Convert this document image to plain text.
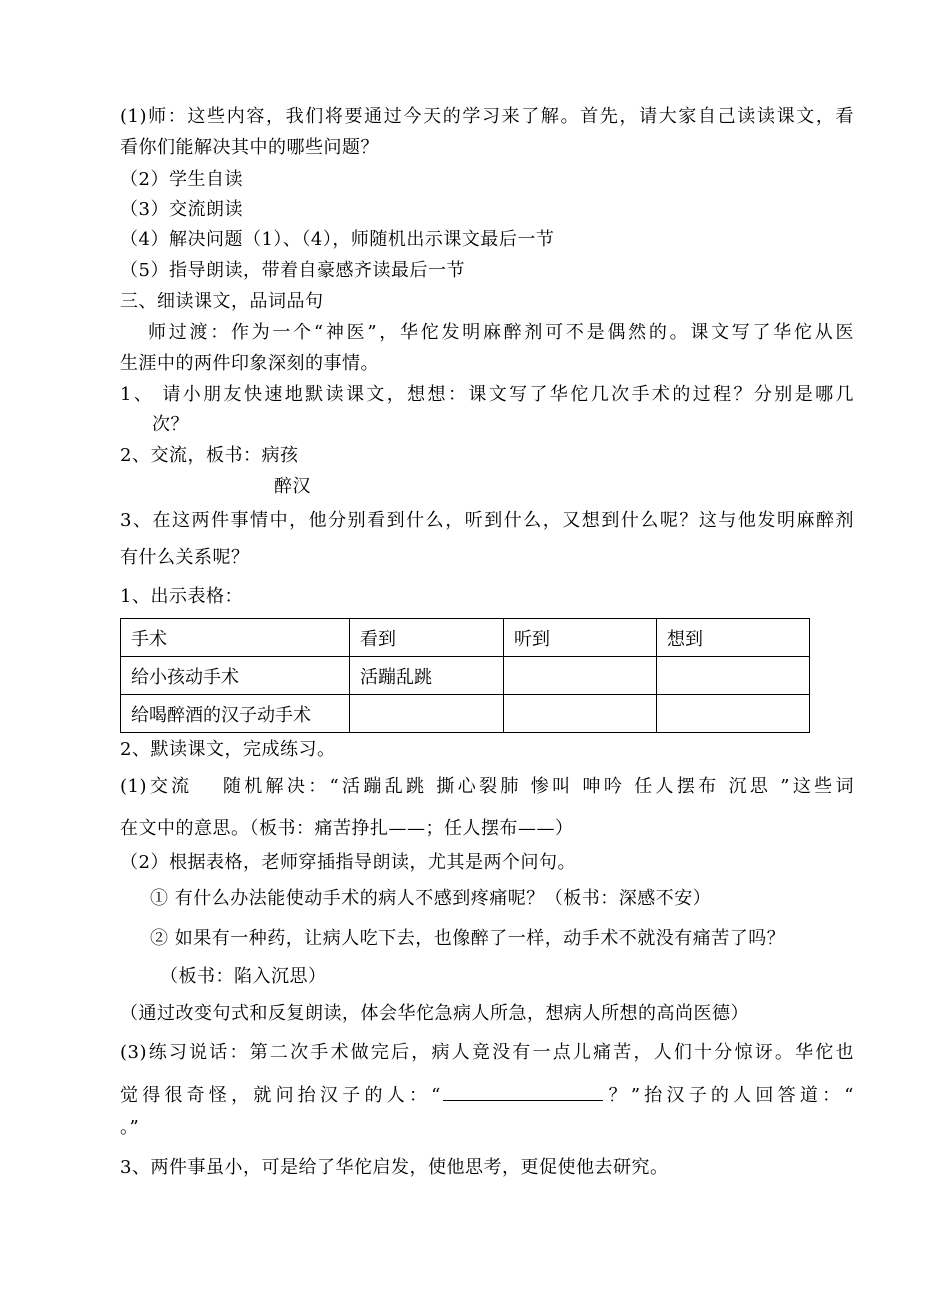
(1)师：这些内容，我们将要通过今天的学习来了解。首先，请大家自己读读课文，看
看你们能解决其中的哪些问题？
（2）学生自读
（3）交流朗读
（4）解决问题（1）、（4），师随机出示课文最后一节
（5）指导朗读，带着自豪感齐读最后一节
三、细读课文，品词品句
师过渡：作为一个“神医”，华佗发明麻醉剂可不是偶然的。课文写了华佗从医
生涯中的两件印象深刻的事情。
1、 请小朋友快速地默读课文，想想：课文写了华佗几次手术的过程？分别是哪几
次？
2、交流，板书：病孩
醉汉
3、在这两件事情中，他分别看到什么，听到什么，又想到什么呢？这与他发明麻醉剂
有什么关系呢？
1、出示表格：
手术	看到	听到	想到
给小孩动手术	活蹦乱跳		
给喝醉酒的汉子动手术			
2、默读课文，完成练习。
(1)交流　 随机解决：“活蹦乱跳 撕心裂肺 惨叫 呻吟 任人摆布 沉思 ”这些词
在文中的意思。（板书：痛苦挣扎——；任人摆布——）
（2）根据表格，老师穿插指导朗读，尤其是两个问句。
① 有什么办法能使动手术的病人不感到疼痛呢？（板书：深感不安）
② 如果有一种药，让病人吃下去，也像醉了一样，动手术不就没有痛苦了吗？
（板书：陷入沉思）
（通过改变句式和反复朗读，体会华佗急病人所急，想病人所想的高尚医德）
(3)练习说话：第二次手术做完后，病人竟没有一点儿痛苦，人们十分惊讶。华佗也
觉得很奇怪，就问抬汉子的人：“	？”抬汉子的人回答道：“
。”
3、两件事虽小，可是给了华佗启发，使他思考，更促使他去研究。
